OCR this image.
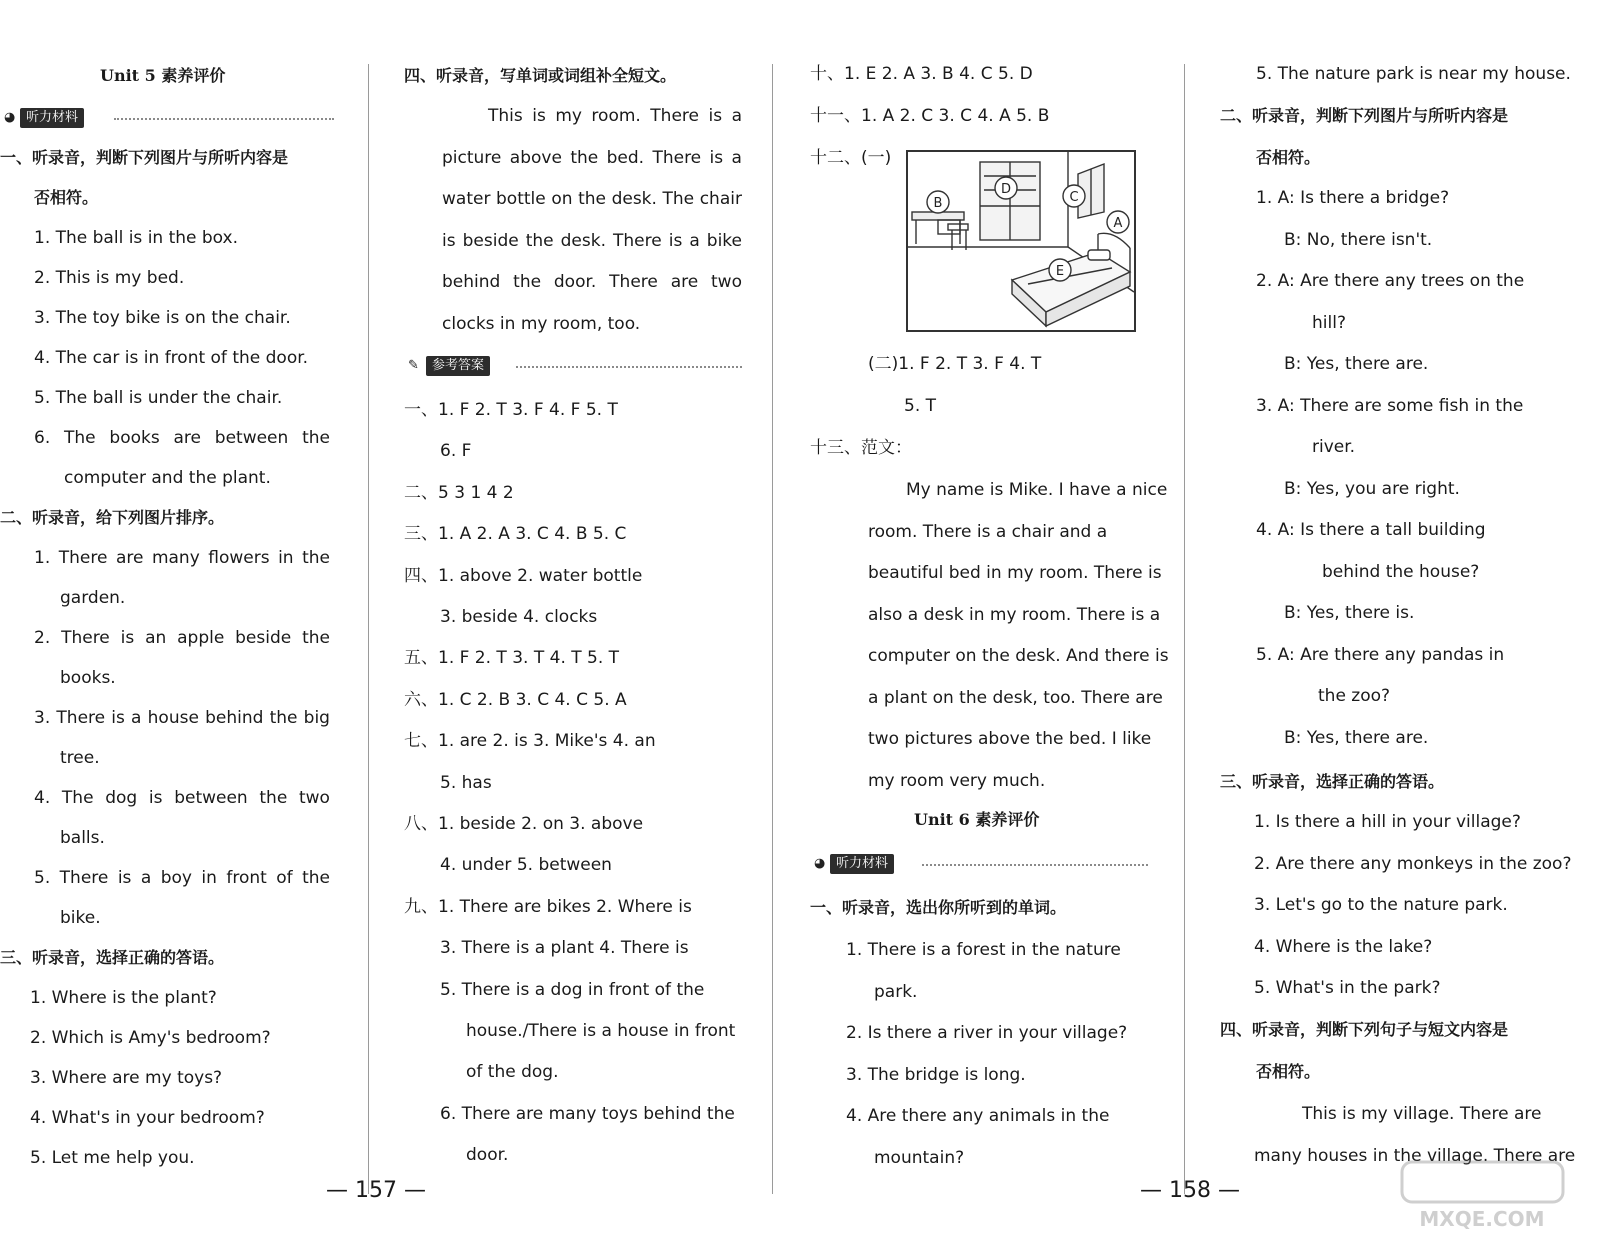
Unit 5 素养评价
◕ 听力材料
一、听录音，判断下列图片与所听内容是
否相符。
1. The ball is in the box.
2. This is my bed.
3. The toy bike is on the chair.
4. The car is in front of the door.
5. The ball is under the chair.
6. The books are between the
computer and the plant.
二、听录音，给下列图片排序。
1. There are many flowers in the
garden.
2. There is an apple beside the
books.
3. There is a house behind the big
tree.
4. The dog is between the two
balls.
5. There is a boy in front of the
bike.
三、听录音，选择正确的答语。
1. Where is the plant?
2. Which is Amy's bedroom?
3. Where are my toys?
4. What's in your bedroom?
5. Let me help you.
— 157 —
四、听录音，写单词或词组补全短文。
This is my room. There is a
picture above the bed. There is a
water bottle on the desk. The chair
is beside the desk. There is a bike
behind the door. There are two
clocks in my room, too.
✎	参考答案
一、1. F 2. T 3. F 4. F 5. T
6. F
二、5 3 1 4 2
三、1. A 2. A 3. C 4. B 5. C
四、1. above 2. water bottle
3. beside 4. clocks
五、1. F 2. T 3. T 4. T 5. T
六、1. C 2. B 3. C 4. C 5. A
七、1. are 2. is 3. Mike's 4. an
5. has
八、1. beside 2. on 3. above
4. under 5. between
九、1. There are bikes 2. Where is
3. There is a plant 4. There is
5. There is a dog in front of the
house./There is a house in front
of the dog.
6. There are many toys behind the
door.
十、1. E 2. A 3. B 4. C 5. D
十一、1. A 2. C 3. C 4. A 5. B
十二、(一)
B
D
C
A
E
(二)1. F 2. T 3. F 4. T
5. T
十三、范文：
My name is Mike. I have a nice
room. There is a chair and a
beautiful bed in my room. There is
also a desk in my room. There is a
computer on the desk. And there is
a plant on the desk, too. There are
two pictures above the bed. I like
my room very much.
Unit 6 素养评价
◕ 听力材料
一、听录音，选出你所听到的单词。
1. There is a forest in the nature
park.
2. Is there a river in your village?
3. The bridge is long.
4. Are there any animals in the
mountain?
— 158 —
5. The nature park is near my house.
二、听录音，判断下列图片与所听内容是
否相符。
1. A: Is there a bridge?
B: No, there isn't.
2. A: Are there any trees on the
hill?
B: Yes, there are.
3. A: There are some fish in the
river.
B: Yes, you are right.
4. A: Is there a tall building
behind the house?
B: Yes, there is.
5. A: Are there any pandas in
the zoo?
B: Yes, there are.
三、听录音，选择正确的答语。
1. Is there a hill in your village?
2. Are there any monkeys in the zoo?
3. Let's go to the nature park.
4. Where is the lake?
5. What's in the park?
四、听录音，判断下列句子与短文内容是
否相符。
This is my village. There are
many houses in the village. There are
MXQE.COM
